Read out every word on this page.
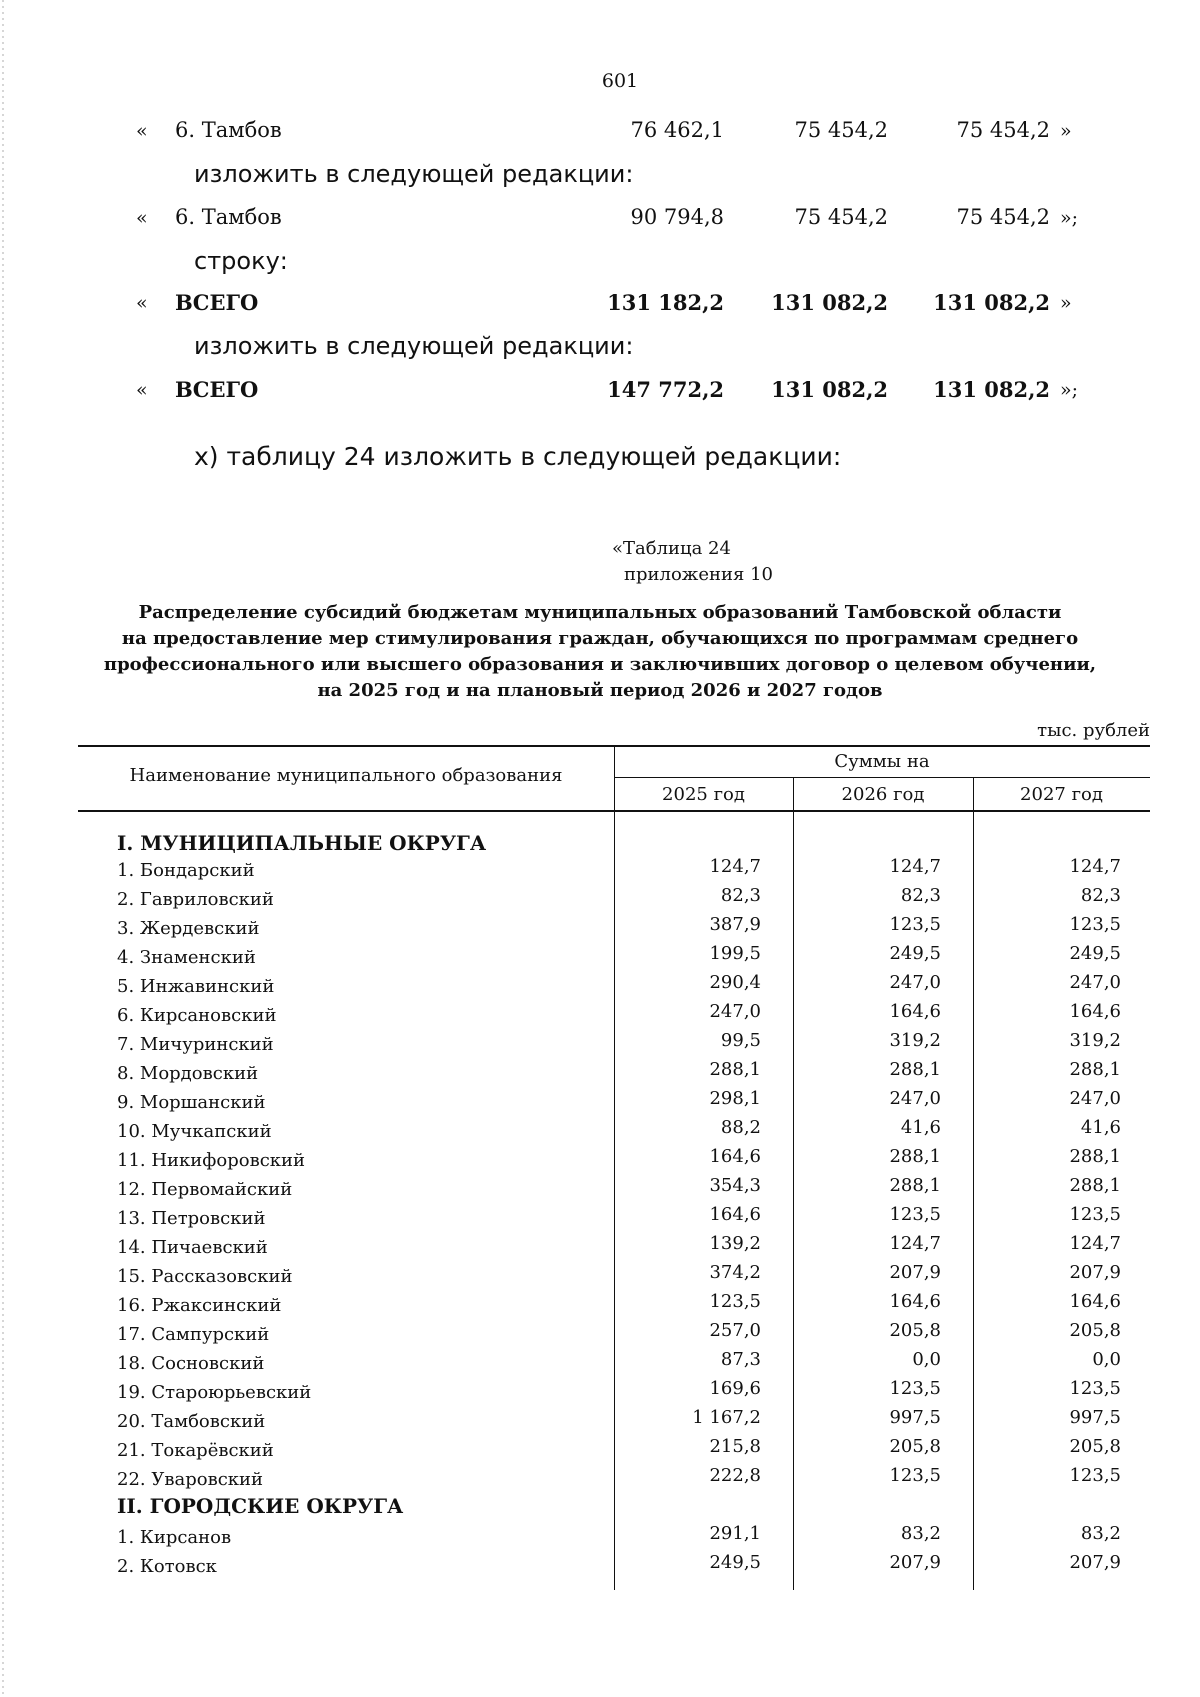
601
« 6. Тамбов	76 462,1	75 454,2	75 454,2 »
изложить в следующей редакции:
« 6. Тамбов	90 794,8	75 454,2	75 454,2 »;
строку:
« ВСЕГО	131 182,2	131 082,2	131 082,2 »
изложить в следующей редакции:
« ВСЕГО	147 772,2	131 082,2	131 082,2 »;
х) таблицу 24 изложить в следующей редакции:
«Таблица 24
приложения 10
Распределение субсидий бюджетам муниципальных образований Тамбовской области
на предоставление мер стимулирования граждан, обучающихся по программам среднего
профессионального или высшего образования и заключивших договор о целевом обучении,
на 2025 год и на плановый период 2026 и 2027 годов
тыс. рублей
Наименование муниципального образования
Суммы на
2025 год	2026 год	2027 год
I. МУНИЦИПАЛЬНЫЕ ОКРУГА
1. Бондарский	124,7	124,7	124,7
2. Гавриловский	82,3	82,3	82,3
3. Жердевский	387,9	123,5	123,5
4. Знаменский	199,5	249,5	249,5
5. Инжавинский	290,4	247,0	247,0
6. Кирсановский	247,0	164,6	164,6
7. Мичуринский	99,5	319,2	319,2
8. Мордовский	288,1	288,1	288,1
9. Моршанский	298,1	247,0	247,0
10. Мучкапский	88,2	41,6	41,6
11. Никифоровский	164,6	288,1	288,1
12. Первомайский	354,3	288,1	288,1
13. Петровский	164,6	123,5	123,5
14. Пичаевский	139,2	124,7	124,7
15. Рассказовский	374,2	207,9	207,9
16. Ржаксинский	123,5	164,6	164,6
17. Сампурский	257,0	205,8	205,8
18. Сосновский	87,3	0,0	0,0
19. Староюрьевский	169,6	123,5	123,5
20. Тамбовский	1 167,2	997,5	997,5
21. Токарёвский	215,8	205,8	205,8
22. Уваровский	222,8	123,5	123,5
II. ГОРОДСКИЕ ОКРУГА
1. Кирсанов	291,1	83,2	83,2
2. Котовск	249,5	207,9	207,9
